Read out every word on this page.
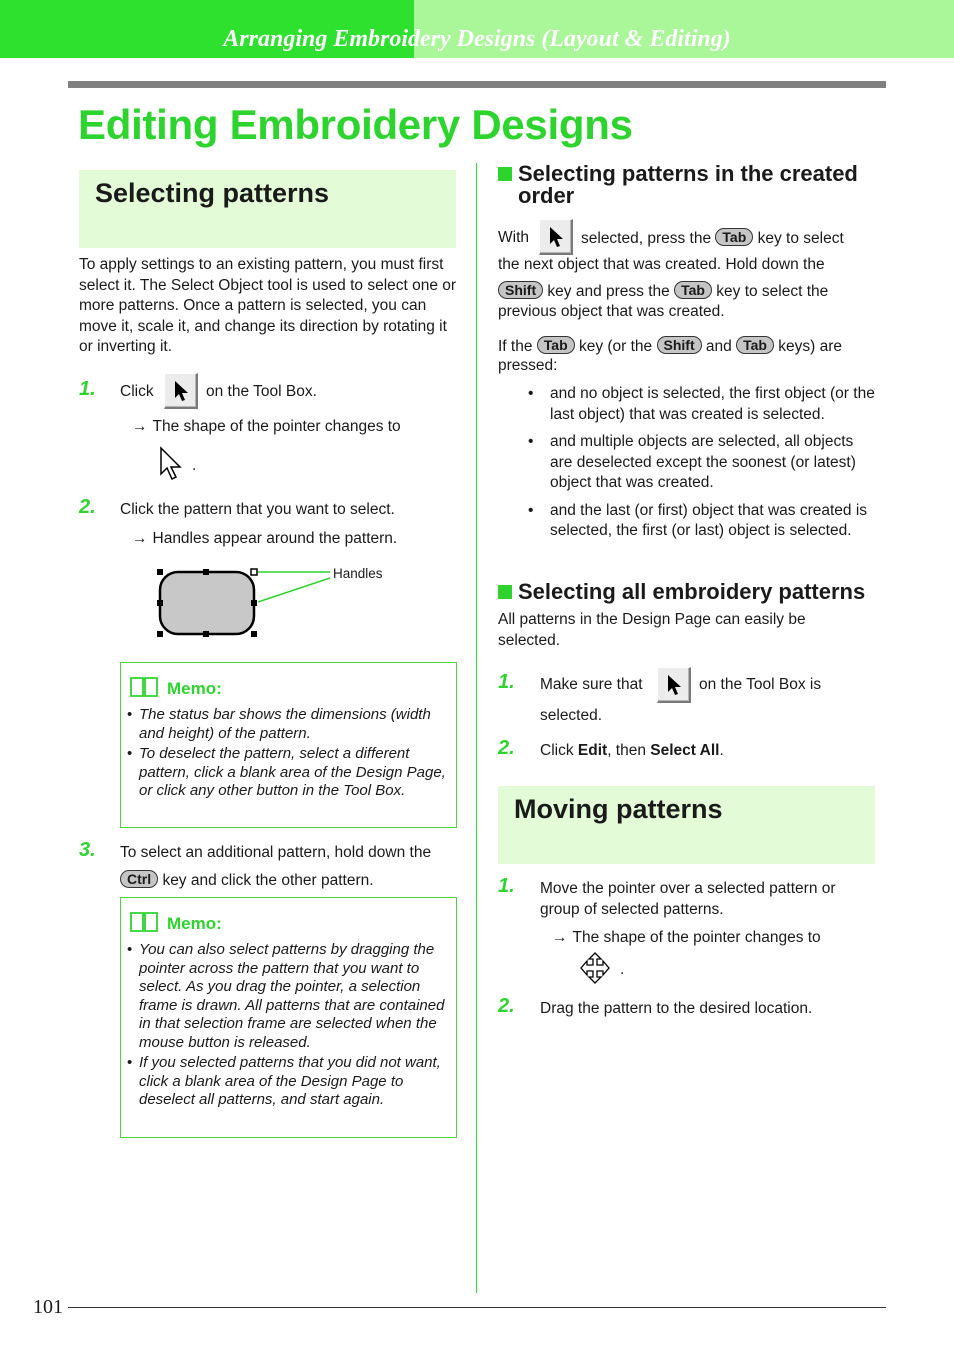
Arranging Embroidery Designs (Layout & Editing)
Editing Embroidery Designs
Selecting patterns

To apply settings to an existing pattern, you must first select it. The Select Object tool is used to select one or more patterns. Once a pattern is selected, you can move it, scale it, and change its direction by rotating it or inverting it.

1. Click	on the Tool Box.
→ The shape of the pointer changes to
.
2. Click the pattern that you want to select.
→ Handles appear around the pattern.
Handles
Memo:
• The status bar shows the dimensions (width and height) of the pattern.
• To deselect the pattern, select a different pattern, click a blank area of the Design Page, or click any other button in the Tool Box.
3. To select an additional pattern, hold down the
Ctrl key and click the other pattern.
Memo:
• You can also select patterns by dragging the pointer across the pattern that you want to select. As you drag the pointer, a selection frame is drawn. All patterns that are contained in that selection frame are selected when the mouse button is released.
• If you selected patterns that you did not want, click a blank area of the Design Page to deselect all patterns, and start again.
Selecting patterns in the created
order
With	selected, press the Tab key to select
the next object that was created. Hold down the
Shift key and press the Tab key to select the
previous object that was created.
If the Tab key (or the Shift and Tab keys) are
pressed:
• and no object is selected, the first object (or the last object) that was created is selected.
• and multiple objects are selected, all objects are deselected except the soonest (or latest) object that was created.
• and the last (or first) object that was created is selected, the first (or last) object is selected.
Selecting all embroidery patterns

All patterns in the Design Page can easily be selected.

1. Make sure that	on the Tool Box is
selected.
2. Click Edit, then Select All.
Moving patterns
1. Move the pointer over a selected pattern or group of selected patterns.

→ The shape of the pointer changes to
.
2. Drag the pattern to the desired location.
101
